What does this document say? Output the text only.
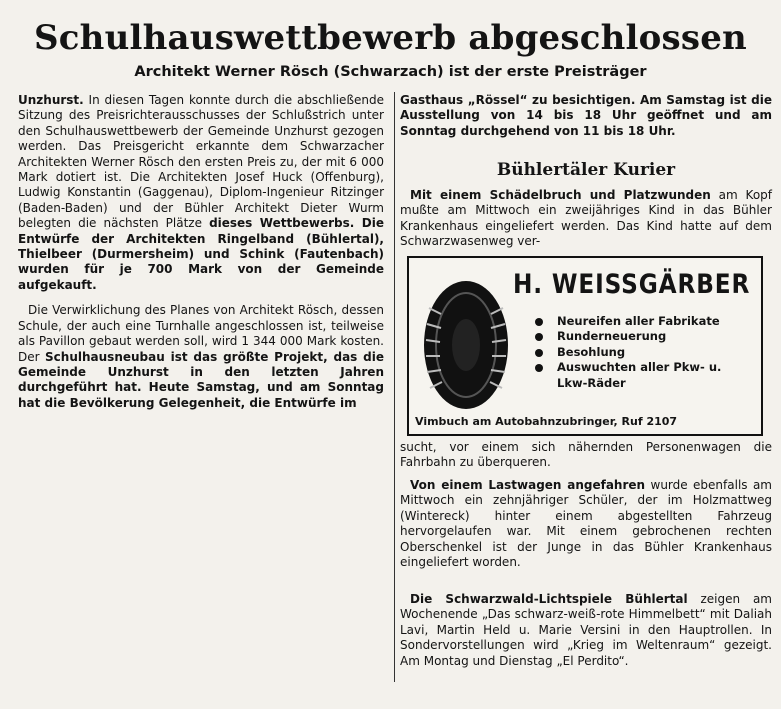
Schulhauswettbewerb abgeschlossen
Architekt Werner Rösch (Schwarzach) ist der erste Preisträger

Unzhurst. In diesen Tagen konnte durch die abschließende Sitzung des Preisrichterausschusses der Schlußstrich unter den Schulhauswettbewerb der Gemeinde Unzhurst gezogen werden. Das Preisgericht erkannte dem Schwarzacher Architekten Werner Rösch den ersten Preis zu, der mit 6 000 Mark dotiert ist. Die Architekten Josef Huck (Offenburg), Ludwig Konstantin (Gaggenau), Diplom-Ingenieur Ritzinger (Baden-Baden) und der Bühler Architekt Dieter Wurm belegten die nächsten Plätze dieses Wettbewerbs. Die Entwürfe der Architekten Ringelband (Bühlertal), Thielbeer (Durmersheim) und Schink (Fautenbach) wurden für je 700 Mark von der Gemeinde aufgekauft.

Die Verwirklichung des Planes von Architekt Rösch, dessen Schule, der auch eine Turnhalle angeschlossen ist, teilweise als Pavillon gebaut werden soll, wird 1 344 000 Mark kosten. Der Schulhausneubau ist das größte Projekt, das die Gemeinde Unzhurst in den letzten Jahren durchgeführt hat. Heute Samstag, und am Sonntag hat die Bevölkerung Gelegenheit, die Entwürfe im

Gasthaus „Rössel“ zu besichtigen. Am Samstag ist die Ausstellung von 14 bis 18 Uhr geöffnet und am Sonntag durchgehend von 11 bis 18 Uhr.
Bühlertäler Kurier

Mit einem Schädelbruch und Platzwunden am Kopf mußte am Mittwoch ein zweijähriges Kind in das Bühler Krankenhaus eingeliefert werden. Das Kind hatte auf dem Schwarzwasenweg ver-

H. WEISSGÄRBER
Neureifen aller Fabrikate
Runderneuerung
Besohlung
Auswuchten aller Pkw- u. Lkw-Räder
Vimbuch am Autobahnzubringer, Ruf 2107
sucht, vor einem sich nähernden Personenwagen die Fahrbahn zu überqueren.

Von einem Lastwagen angefahren wurde ebenfalls am Mittwoch ein zehnjähriger Schüler, der im Holzmattweg (Wintereck) hinter einem abgestellten Fahrzeug hervorgelaufen war. Mit einem gebrochenen rechten Oberschenkel ist der Junge in das Bühler Krankenhaus eingeliefert worden.

Die Schwarzwald-Lichtspiele Bühlertal zeigen am Wochenende „Das schwarz-weiß-rote Himmelbett“ mit Daliah Lavi, Martin Held u. Marie Versini in den Hauptrollen. In Sondervorstellungen wird „Krieg im Weltenraum“ gezeigt. Am Montag und Dienstag „El Perdito“.
